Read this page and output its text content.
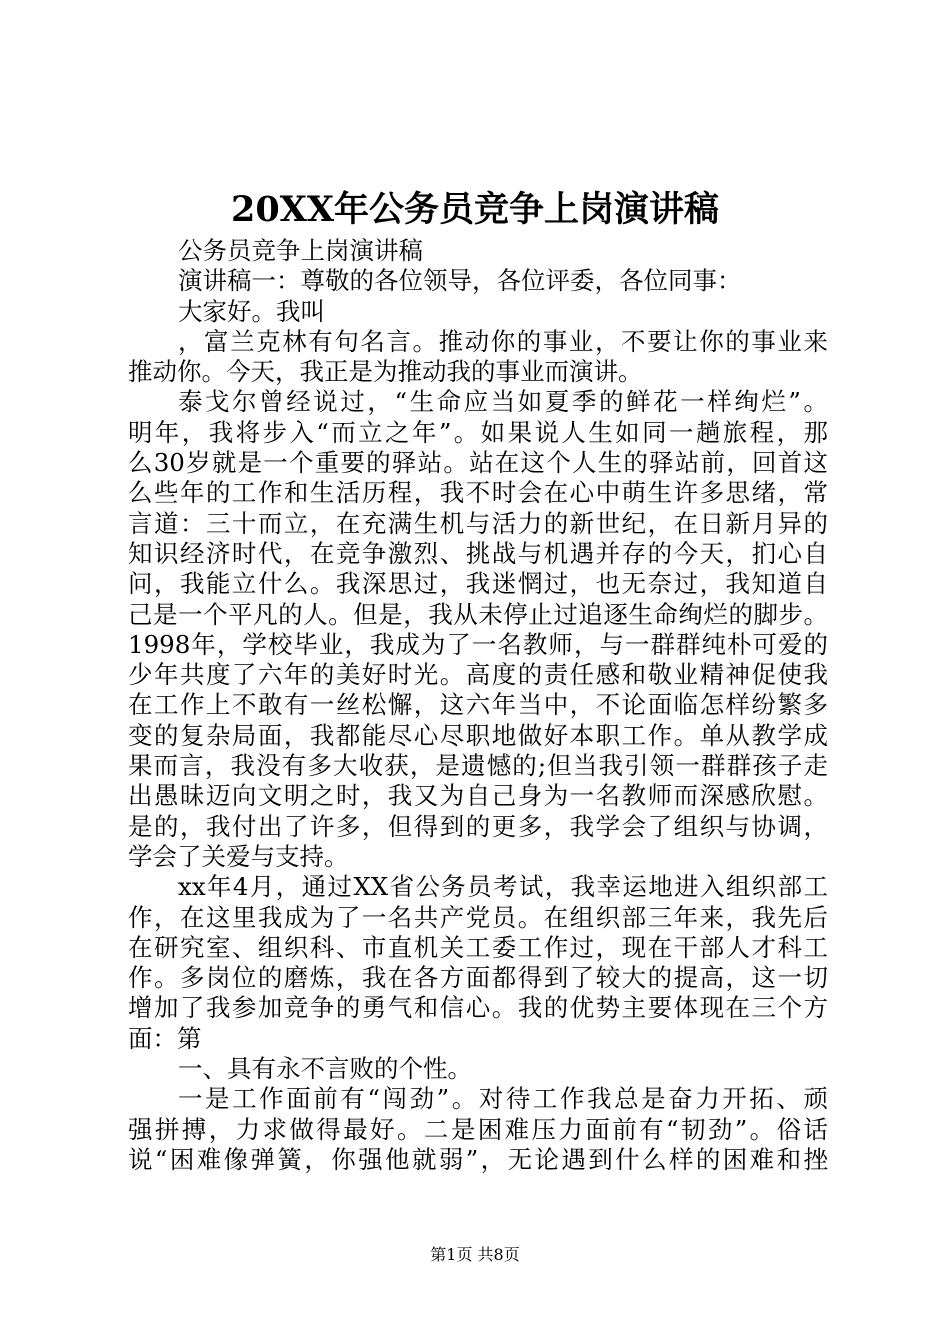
20XX年公务员竞争上岗演讲稿
公务员竞争上岗演讲稿
演讲稿一：尊敬的各位领导，各位评委，各位同事：
大家好。我叫
，富兰克林有句名言。推动你的事业，不要让你的事业来
推动你。今天，我正是为推动我的事业而演讲。
泰戈尔曾经说过，“生命应当如夏季的鲜花一样绚烂”。
明年，我将步入“而立之年”。如果说人生如同一趟旅程，那
么30岁就是一个重要的驿站。站在这个人生的驿站前，回首这
么些年的工作和生活历程，我不时会在心中萌生许多思绪，常
言道：三十而立，在充满生机与活力的新世纪，在日新月异的
知识经济时代，在竞争激烈、挑战与机遇并存的今天，扪心自
问，我能立什么。我深思过，我迷惘过，也无奈过，我知道自
己是一个平凡的人。但是，我从未停止过追逐生命绚烂的脚步。
1998年，学校毕业，我成为了一名教师，与一群群纯朴可爱的
少年共度了六年的美好时光。高度的责任感和敬业精神促使我
在工作上不敢有一丝松懈，这六年当中，不论面临怎样纷繁多
变的复杂局面，我都能尽心尽职地做好本职工作。单从教学成
果而言，我没有多大收获，是遗憾的;但当我引领一群群孩子走
出愚昧迈向文明之时，我又为自己身为一名教师而深感欣慰。
是的，我付出了许多，但得到的更多，我学会了组织与协调，
学会了关爱与支持。
xx年4月，通过XX省公务员考试，我幸运地进入组织部工
作，在这里我成为了一名共产党员。在组织部三年来，我先后
在研究室、组织科、市直机关工委工作过，现在干部人才科工
作。多岗位的磨炼，我在各方面都得到了较大的提高，这一切
增加了我参加竞争的勇气和信心。我的优势主要体现在三个方
面：第
一、具有永不言败的个性。
一是工作面前有“闯劲”。对待工作我总是奋力开拓、顽
强拼搏，力求做得最好。二是困难压力面前有“韧劲”。俗话
说“困难像弹簧，你强他就弱”，无论遇到什么样的困难和挫
第1页 共8页
